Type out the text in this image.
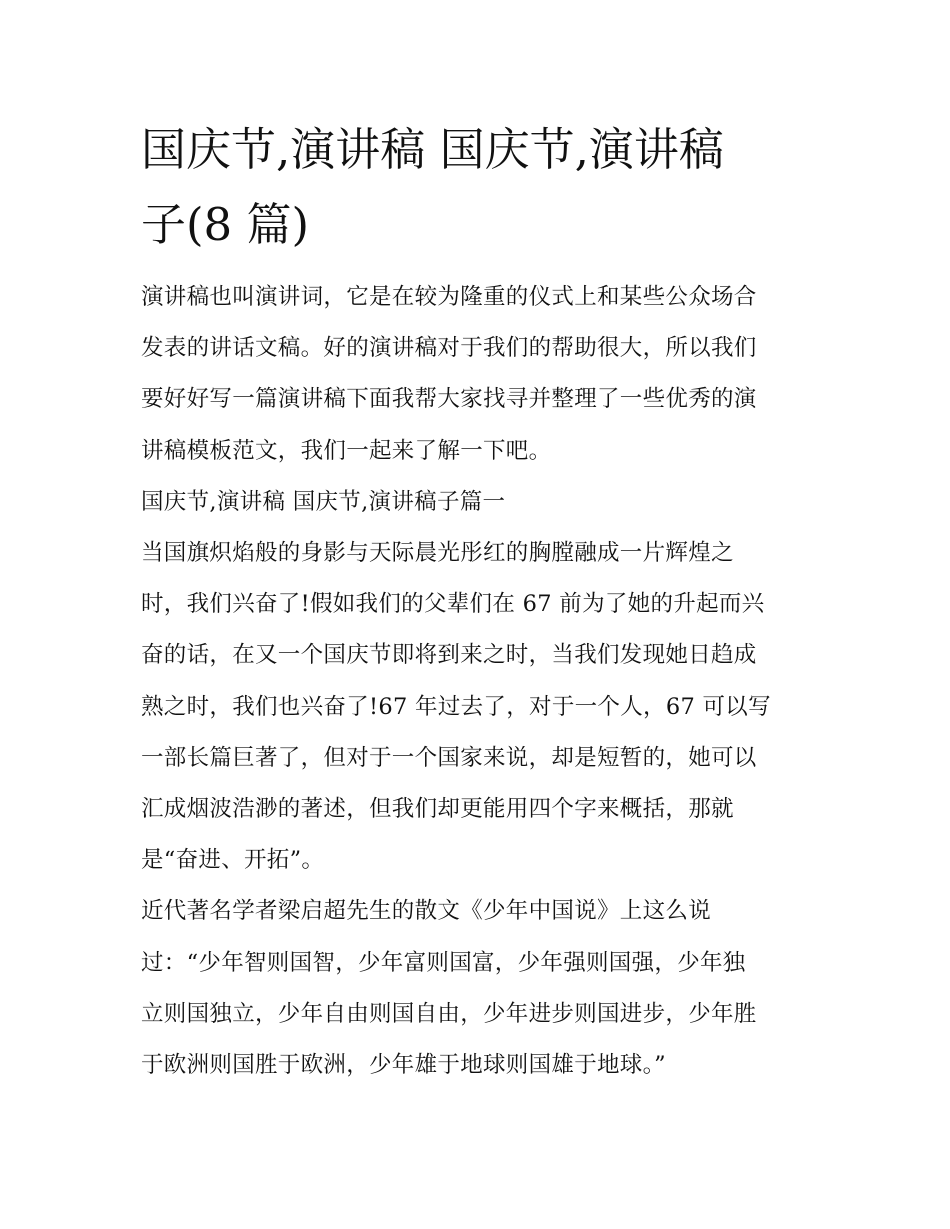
国庆节,演讲稿 国庆节,演讲稿
子(8 篇)

演讲稿也叫演讲词，它是在较为隆重的仪式上和某些公众场合
发表的讲话文稿。好的演讲稿对于我们的帮助很大，所以我们
要好好写一篇演讲稿下面我帮大家找寻并整理了一些优秀的演
讲稿模板范文，我们一起来了解一下吧。

国庆节,演讲稿 国庆节,演讲稿子篇一

当国旗炽焰般的身影与天际晨光彤红的胸膛融成一片辉煌之
时，我们兴奋了!假如我们的父辈们在 67 前为了她的升起而兴
奋的话，在又一个国庆节即将到来之时，当我们发现她日趋成
熟之时，我们也兴奋了!67 年过去了，对于一个人，67 可以写
一部长篇巨著了，但对于一个国家来说，却是短暂的，她可以
汇成烟波浩渺的著述，但我们却更能用四个字来概括，那就
是“奋进、开拓”。

近代著名学者梁启超先生的散文《少年中国说》上这么说
过：“少年智则国智，少年富则国富，少年强则国强，少年独
立则国独立，少年自由则国自由，少年进步则国进步，少年胜
于欧洲则国胜于欧洲，少年雄于地球则国雄于地球。”
